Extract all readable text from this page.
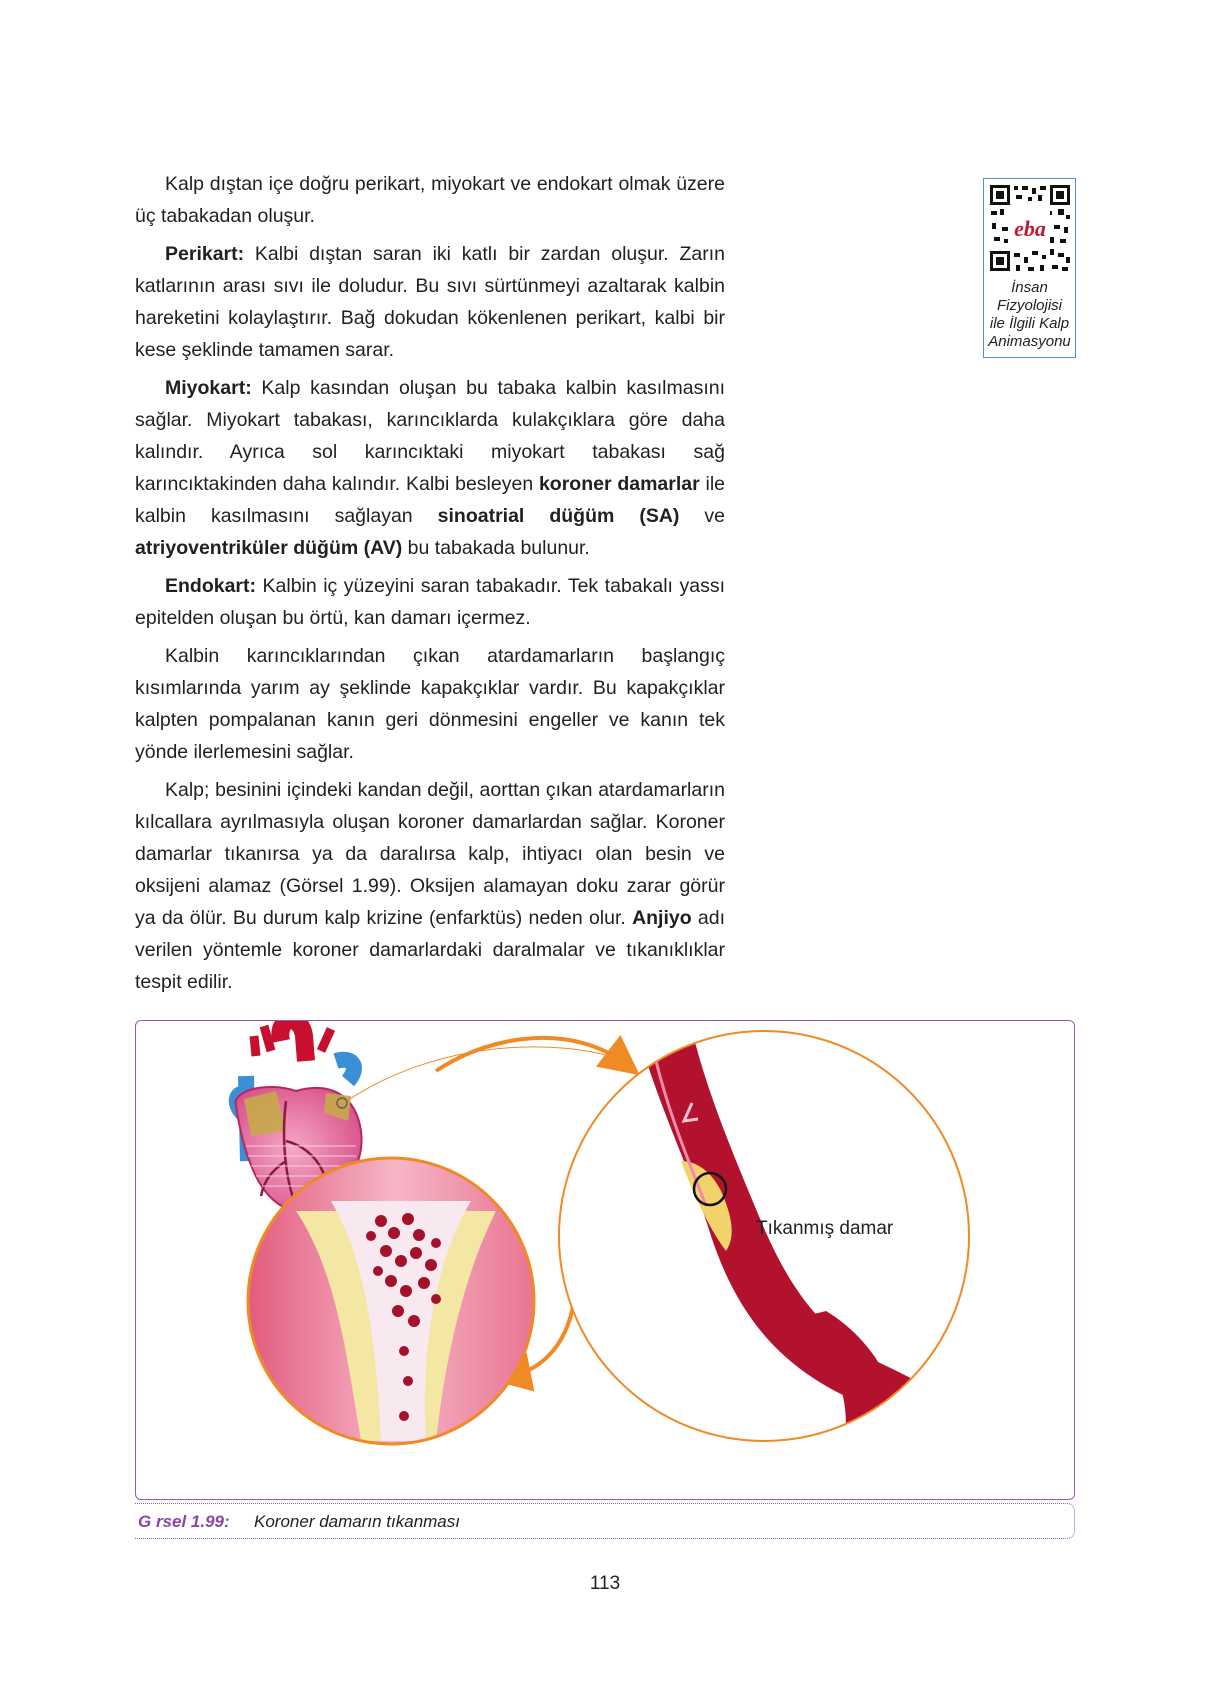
Kalp dıştan içe doğru perikart, miyokart ve endokart olmak üzere üç tabakadan oluşur.

Perikart: Kalbi dıştan saran iki katlı bir zardan oluşur. Zarın katlarının arası sıvı ile doludur. Bu sıvı sürtünmeyi azaltarak kalbin hareketini kolaylaştırır. Bağ dokudan kökenlenen perikart, kalbi bir kese şeklinde tamamen sarar.

Miyokart: Kalp kasından oluşan bu tabaka kalbin kasılmasını sağlar. Miyokart tabakası, karıncıklarda kulakçıklara göre daha kalındır. Ayrıca sol karıncıktaki miyokart tabakası sağ karıncıktakinden daha kalındır. Kalbi besleyen koroner damarlar ile kalbin kasılmasını sağlayan sinoatrial düğüm (SA) ve atriyoventriküler düğüm (AV) bu tabakada bulunur.

Endokart: Kalbin iç yüzeyini saran tabakadır. Tek tabakalı yassı epitelden oluşan bu örtü, kan damarı içermez.

Kalbin karıncıklarından çıkan atardamarların başlangıç kısımlarında yarım ay şeklinde kapakçıklar vardır. Bu kapakçıklar kalpten pompalanan kanın geri dönmesini engeller ve kanın tek yönde ilerlemesini sağlar.

Kalp; besinini içindeki kandan değil, aorttan çıkan atardamarların kılcallara ayrılmasıyla oluşan koroner damarlardan sağlar. Koroner damarlar tıkanırsa ya da daralırsa kalp, ihtiyacı olan besin ve oksijeni alamaz (Görsel 1.99). Oksijen alamayan doku zarar görür ya da ölür. Bu durum kalp krizine (enfarktüs) neden olur. Anjiyo adı verilen yöntemle koroner damarlardaki daralmalar ve tıkanıklıklar tespit edilir.

eba
İnsan
Fizyolojisi
ile İlgili Kalp
Animasyonu
Tıkanmış damar
G rsel 1.99: Koroner damarın tıkanması
113
